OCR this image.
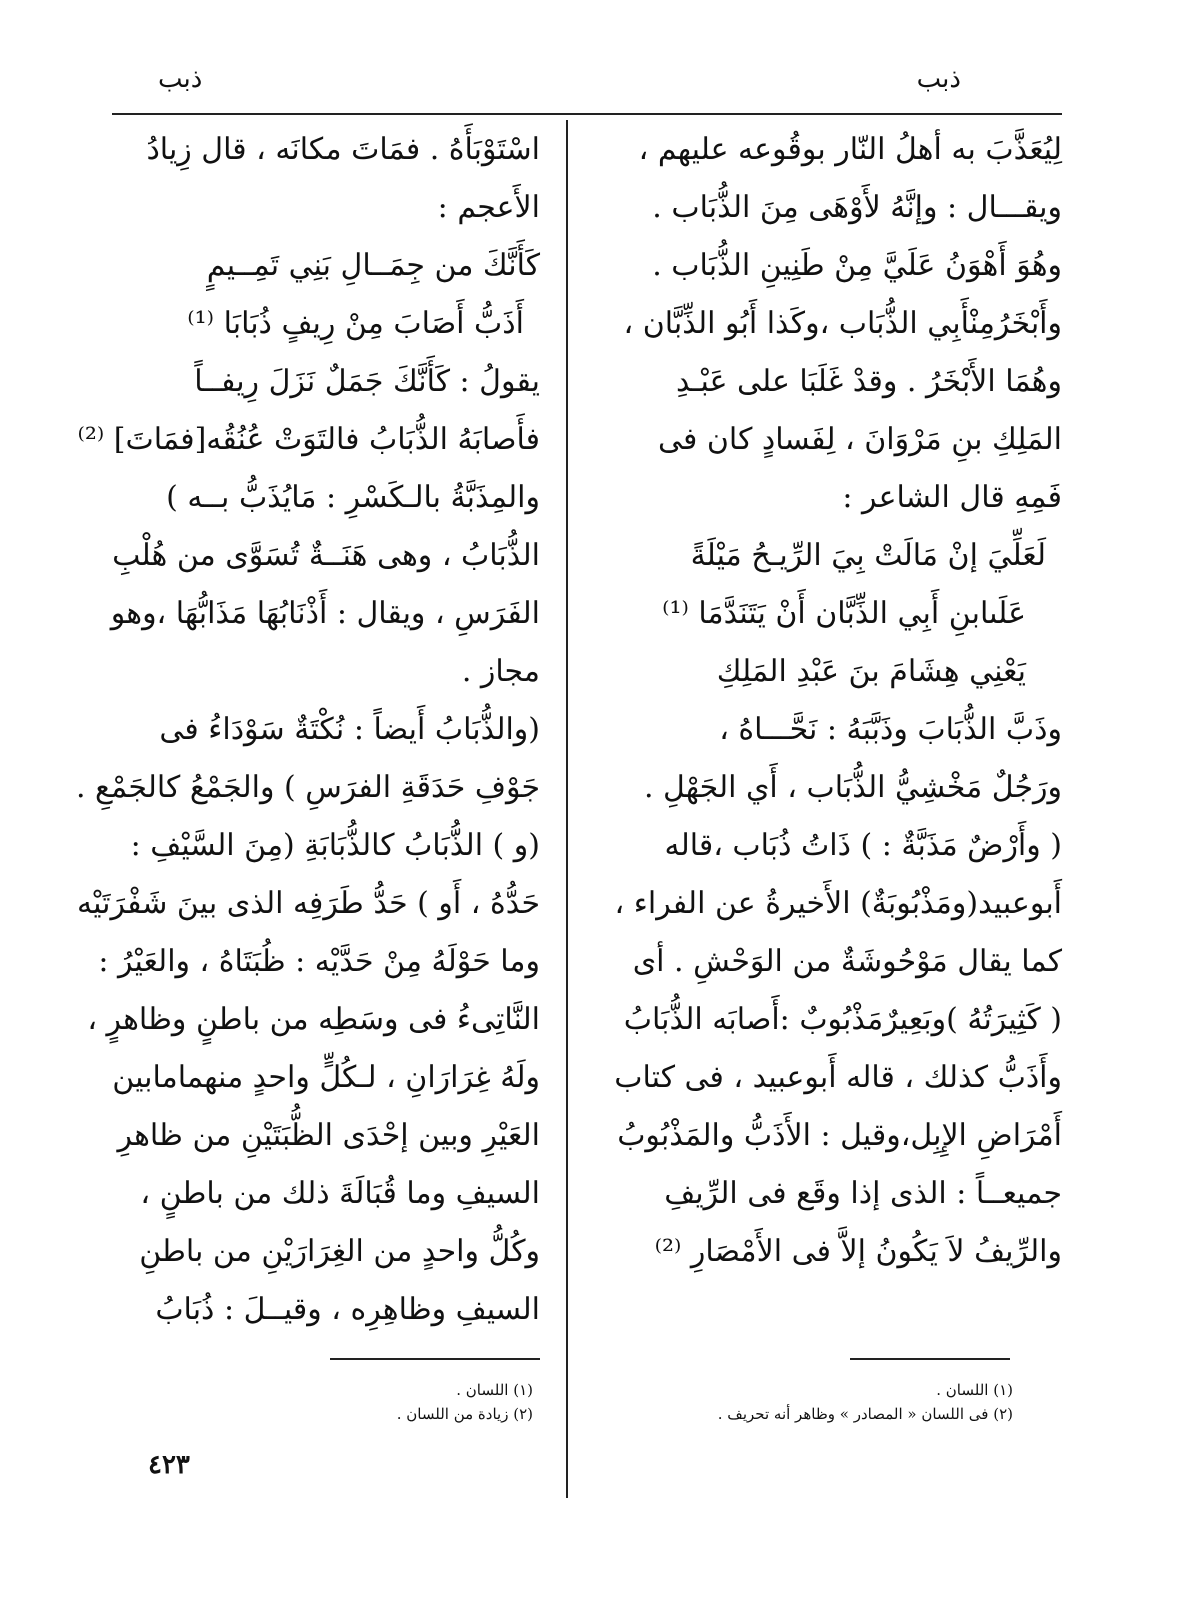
ذبب
ذبب
لِيُعَذَّبَ به أهلُ النّار بوقُوعه عليهم ،
ويقـــال : وإنَّهُ لأَوْهَى مِنَ الذُّبَاب .
وهُوَ أَهْوَنُ عَلَيَّ مِنْ طَنِينِ الذُّبَاب .
وأَبْخَرُمِنْأَبِي الذُّبَاب ،وكَذا أَبُو الذِّبَّان ،
وهُمَا الأَبْخَرُ . وقدْ غَلَبَا على عَبْـدِ
المَلِكِ بنِ مَرْوَانَ ، لِفَسادٍ كان فى
فَمِهِ قال الشاعر :
لَعَلِّيَ إنْ مَالَتْ بِيَ الرِّيـحُ مَيْلَةً
عَلَىابنِ أَبِي الذِّبَّان أَنْ يَتَنَدَّمَا ⁽¹⁾
يَعْنِي هِشَامَ بنَ عَبْدِ المَلِكِ
وذَبَّ الذُّبَابَ وذَبَّبَهُ : نَحَّـــاهُ ،
ورَجُلٌ مَخْشِيُّ الذُّبَاب ، أَي الجَهْلِ .
( وأَرْضٌ مَذَبَّةٌ : ) ذَاتُ ذُبَاب ،قاله
أَبوعبيد(ومَذْبُوبَةٌ) الأَخيرةُ عن الفراء ،
كما يقال مَوْحُوشَةٌ من الوَحْشِ . أى
( كَثِيرَتُهُ )وبَعِيرٌمَذْبُوبٌ :أَصابَه الذُّبَابُ
وأَذَبُّ كذلك ، قاله أَبوعبيد ، فى كتاب
أَمْرَاضِ الإِبِل،وقيل : الأَذَبُّ والمَذْبُوبُ
جميعــاً : الذى إذا وقَع فى الرِّيفِ
والرِّيفُ لاَ يَكُونُ إلاَّ فى الأَمْصَارِ ⁽²⁾
اسْتَوْبَأَهُ . فمَاتَ مكانَه ، قال زِيادُ
الأَعجم :
كَأَنَّكَ من جِمَــالِ بَنِي تَمِــيمٍ
أَذَبُّ أَصَابَ مِنْ رِيفٍ ذُبَابَا ⁽¹⁾
يقولُ : كَأَنَّكَ جَمَلٌ نَزَلَ رِيفــاً
فأَصابَهُ الذُّبَابُ فالتَوَتْ عُنُقُه[فمَاتَ] ⁽²⁾
والمِذَبَّةُ بالـكَسْرِ : مَايُذَبُّ بــه )
الذُّبَابُ ، وهى هَنَــةٌ تُسَوَّى من هُلْبِ
الفَرَسِ ، ويقال : أَذْنَابُهَا مَذَابُّهَا ،وهو
مجاز .
(والذُّبَابُ أَيضاً : نُكْتَةٌ سَوْدَاءُ فى
جَوْفِ حَدَقَةِ الفرَسِ ) والجَمْعُ كالجَمْعِ .
(و ) الذُّبَابُ كالذُّبَابَةِ (مِنَ السَّيْفِ :
حَدُّهُ ، أَو ) حَدُّ طَرَفِه الذى بينَ شَفْرَتَيْه
وما حَوْلَهُ مِنْ حَدَّيْه : ظُبَتَاهُ ، والعَيْرُ :
النَّاتِىءُ فى وسَطِه من باطنٍ وظاهرٍ ،
ولَهُ غِرَارَانِ ، لـكُلٍّ واحدٍ منهمامابين
العَيْرِ وبين إحْدَى الظُّبَتَيْنِ من ظاهرِ
السيفِ وما قُبَالَةَ ذلك من باطنٍ ،
وكُلُّ واحدٍ من الغِرَارَيْنِ من باطنِ
السيفِ وظاهِرِه ، وقيــلَ : ذُبَابُ
(١) اللسان .
(٢) فى اللسان « المصادر » وظاهر أنه تحريف .
(١) اللسان .
(٢) زيادة من اللسان .
٤٢٣
